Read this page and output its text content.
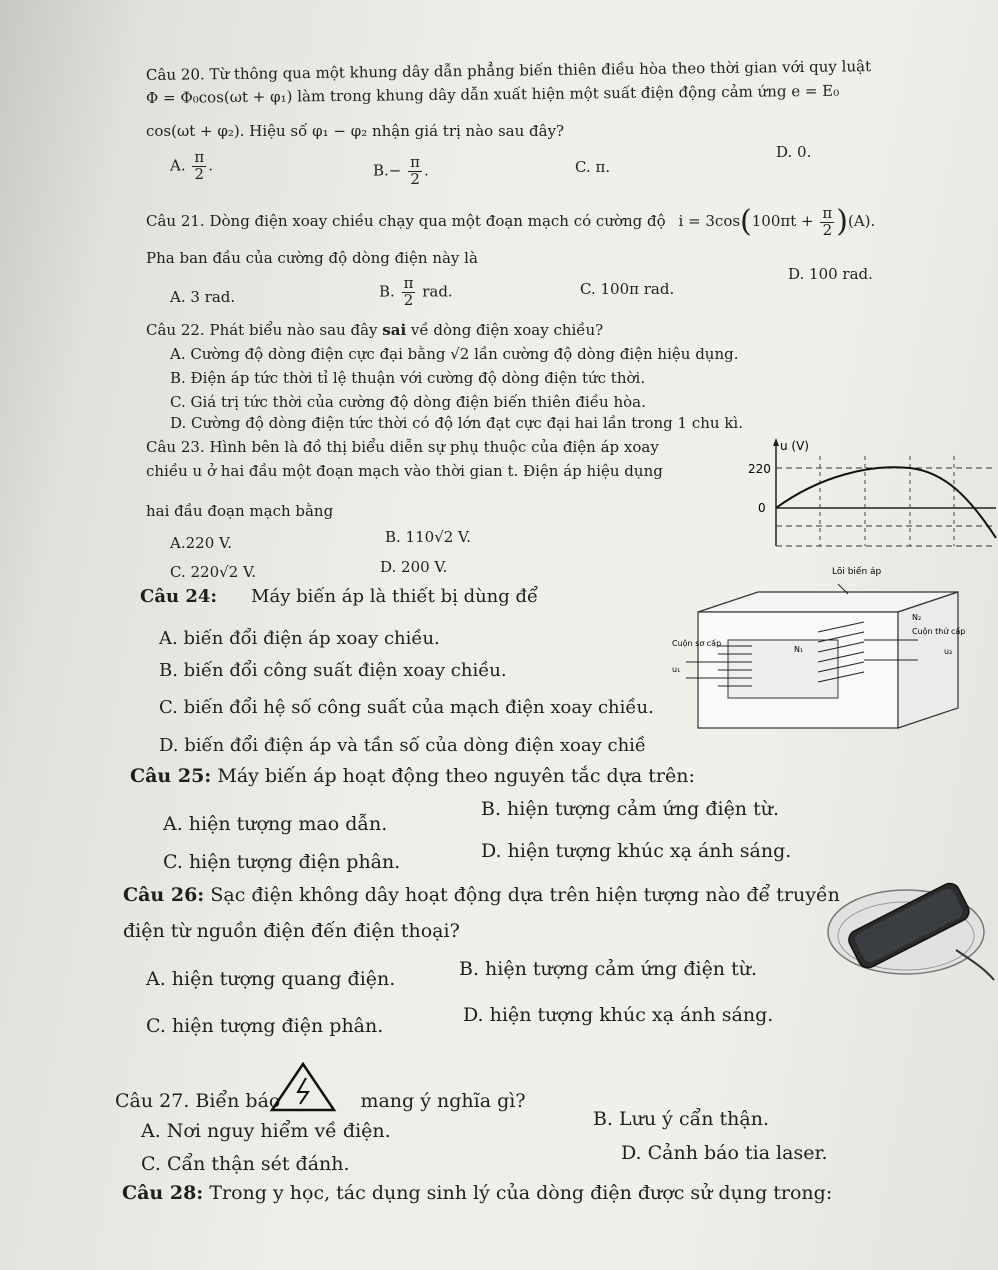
Câu 20. Từ thông qua một khung dây dẫn phẳng biến thiên điều hòa theo thời gian với quy luật
Φ = Φ₀cos(ωt + φ₁) làm trong khung dây dẫn xuất hiện một suất điện động cảm ứng e = E₀
cos(ωt + φ₂). Hiệu số φ₁ − φ₂ nhận giá trị nào sau đây?
A. $\frac{\pi}{2}$ .	$B.- \frac{\pi}{2}$ .	C. π.
D. 0.
Câu 21. Dòng điện xoay chiều chạy qua một đoạn mạch có cường độ $i = 3\cos(100\pi t + \frac{\pi}{2} )(A)$.
Pha ban đầu của cường độ dòng điện này là
A. 3 rad.	B. $\frac{\pi}{2}$ rad.	C. 100π rad.
D. 100 rad.
Câu 22. Phát biểu nào sau đây sai về dòng điện xoay chiều?
A. Cường độ dòng điện cực đại bằng √2 lần cường độ dòng điện hiệu dụng.
B. Điện áp tức thời tỉ lệ thuận với cường độ dòng điện tức thời.
C. Giá trị tức thời của cường độ dòng điện biến thiên điều hòa.
D. Cường độ dòng điện tức thời có độ lớn đạt cực đại hai lần trong 1 chu kì.
Câu 23. Hình bên là đồ thị biểu diễn sự phụ thuộc của điện áp xoay
chiều u ở hai đầu một đoạn mạch vào thời gian t. Điện áp hiệu dụng
hai đầu đoạn mạch bằng
A.220 V.	B. 110√2 V.
C. 220√2 V.	D. 200 V.
u (V)
220
0
Câu 24: Máy biến áp là thiết bị dùng để
A. biến đổi điện áp xoay chiều.
B. biến đổi công suất điện xoay chiều.
C. biến đổi hệ số công suất của mạch điện xoay chiều.
D. biến đổi điện áp và tần số của dòng điện xoay chiề
Lõi biến áp
Cuộn sơ cấp
Cuộn thứ cấp
N₁
N₂
u₁
u₂
Câu 25: Máy biến áp hoạt động theo nguyên tắc dựa trên:
A. hiện tượng mao dẫn.
B. hiện tượng cảm ứng điện từ.
C. hiện tượng điện phân.	D. hiện tượng khúc xạ ánh sáng.
Câu 26: Sạc điện không dây hoạt động dựa trên hiện tượng nào để truyền
điện từ nguồn điện đến điện thoại?
A. hiện tượng quang điện.	B. hiện tượng cảm ứng điện từ.
C. hiện tượng điện phân.	D. hiện tượng khúc xạ ánh sáng.
Câu 27. Biển báo	mang ý nghĩa gì?
A. Nơi nguy hiểm về điện.
B. Lưu ý cẩn thận.
C. Cẩn thận sét đánh.	D. Cảnh báo tia laser.
Câu 28: Trong y học, tác dụng sinh lý của dòng điện được sử dụng trong:
